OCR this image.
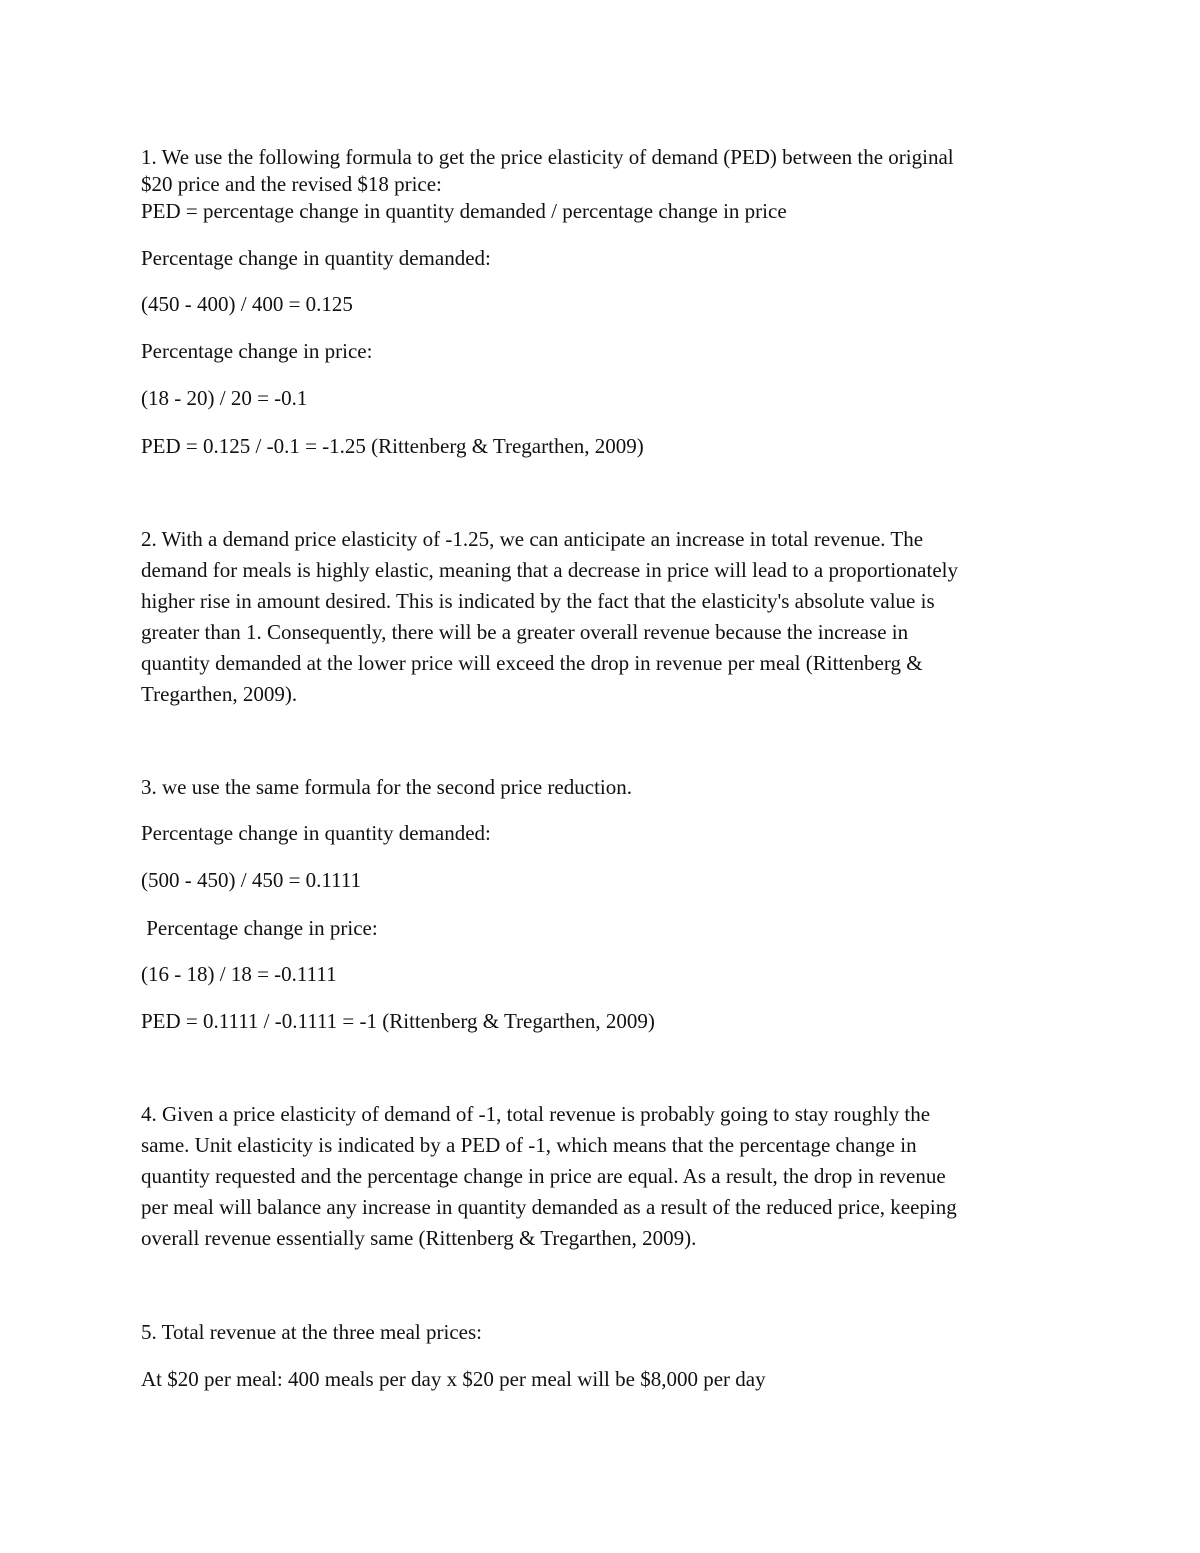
1. We use the following formula to get the price elasticity of demand (PED) between the original

$20 price and the revised $18 price:

PED = percentage change in quantity demanded / percentage change in price

Percentage change in quantity demanded:

(450 - 400) / 400 = 0.125

Percentage change in price:

(18 - 20) / 20 = -0.1

PED = 0.125 / -0.1 = -1.25 (Rittenberg & Tregarthen, 2009)

2. With a demand price elasticity of -1.25, we can anticipate an increase in total revenue. The

demand for meals is highly elastic, meaning that a decrease in price will lead to a proportionately

higher rise in amount desired. This is indicated by the fact that the elasticity's absolute value is

greater than 1. Consequently, there will be a greater overall revenue because the increase in

quantity demanded at the lower price will exceed the drop in revenue per meal (Rittenberg &

Tregarthen, 2009).

3. we use the same formula for the second price reduction.

Percentage change in quantity demanded:

(500 - 450) / 450 = 0.1111

Percentage change in price:

(16 - 18) / 18 = -0.1111

PED = 0.1111 / -0.1111 = -1 (Rittenberg & Tregarthen, 2009)

4. Given a price elasticity of demand of -1, total revenue is probably going to stay roughly the

same. Unit elasticity is indicated by a PED of -1, which means that the percentage change in

quantity requested and the percentage change in price are equal. As a result, the drop in revenue

per meal will balance any increase in quantity demanded as a result of the reduced price, keeping

overall revenue essentially same (Rittenberg & Tregarthen, 2009).

5. Total revenue at the three meal prices:

At $20 per meal: 400 meals per day x $20 per meal will be $8,000 per day
